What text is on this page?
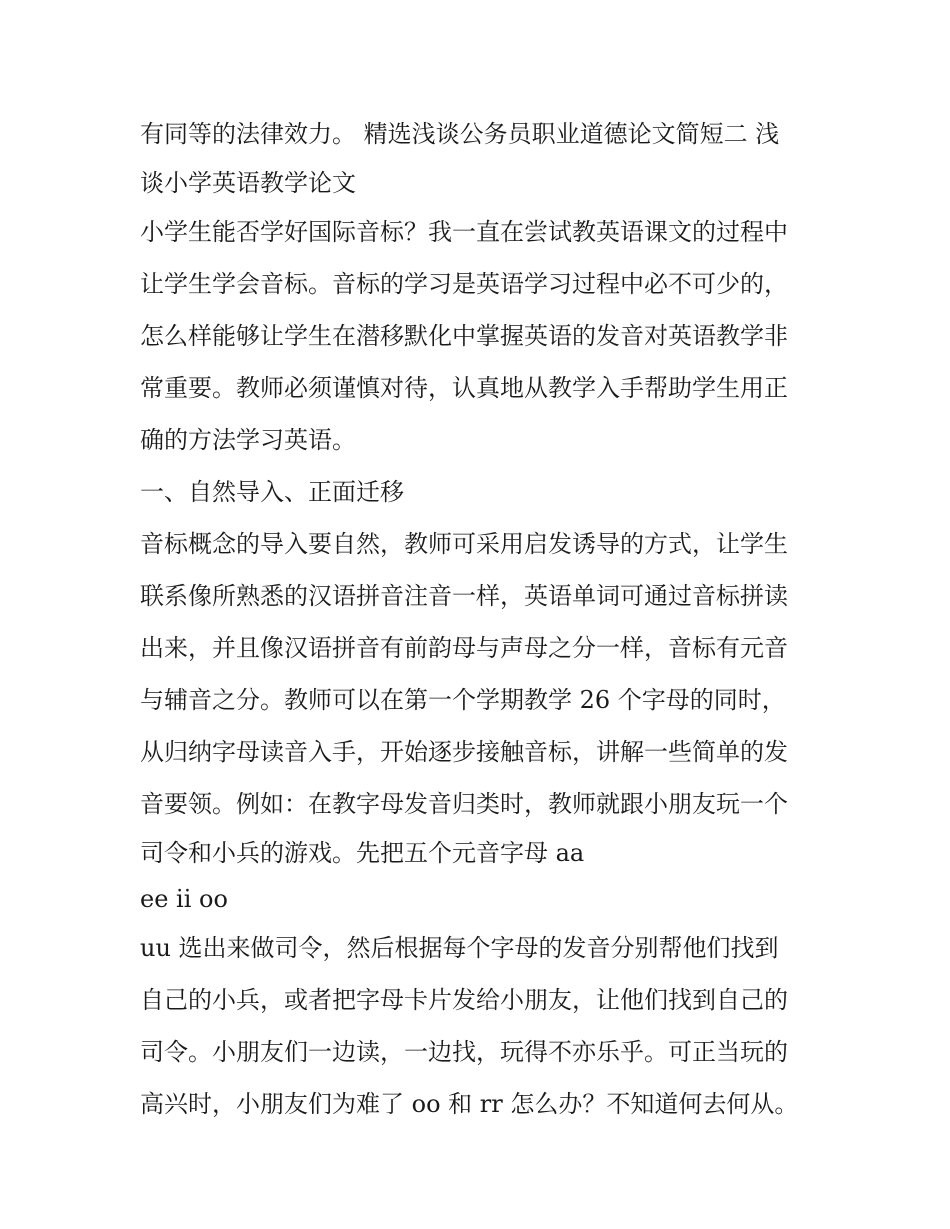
有同等的法律效力。 精选浅谈公务员职业道德论文简短二 浅
谈小学英语教学论文
小学生能否学好国际音标？我一直在尝试教英语课文的过程中
让学生学会音标。音标的学习是英语学习过程中必不可少的，
怎么样能够让学生在潜移默化中掌握英语的发音对英语教学非
常重要。教师必须谨慎对待，认真地从教学入手帮助学生用正
确的方法学习英语。
一、自然导入、正面迁移
音标概念的导入要自然，教师可采用启发诱导的方式，让学生
联系像所熟悉的汉语拼音注音一样，英语单词可通过音标拼读
出来，并且像汉语拼音有前韵母与声母之分一样，音标有元音
与辅音之分。教师可以在第一个学期教学 26 个字母的同时，
从归纳字母读音入手，开始逐步接触音标，讲解一些简单的发
音要领。例如：在教字母发音归类时，教师就跟小朋友玩一个
司令和小兵的游戏。先把五个元音字母 aa
ee ii oo
uu 选出来做司令，然后根据每个字母的发音分别帮他们找到
自己的小兵，或者把字母卡片发给小朋友，让他们找到自己的
司令。小朋友们一边读，一边找，玩得不亦乐乎。可正当玩的
高兴时，小朋友们为难了 oo 和 rr 怎么办？不知道何去何从。
